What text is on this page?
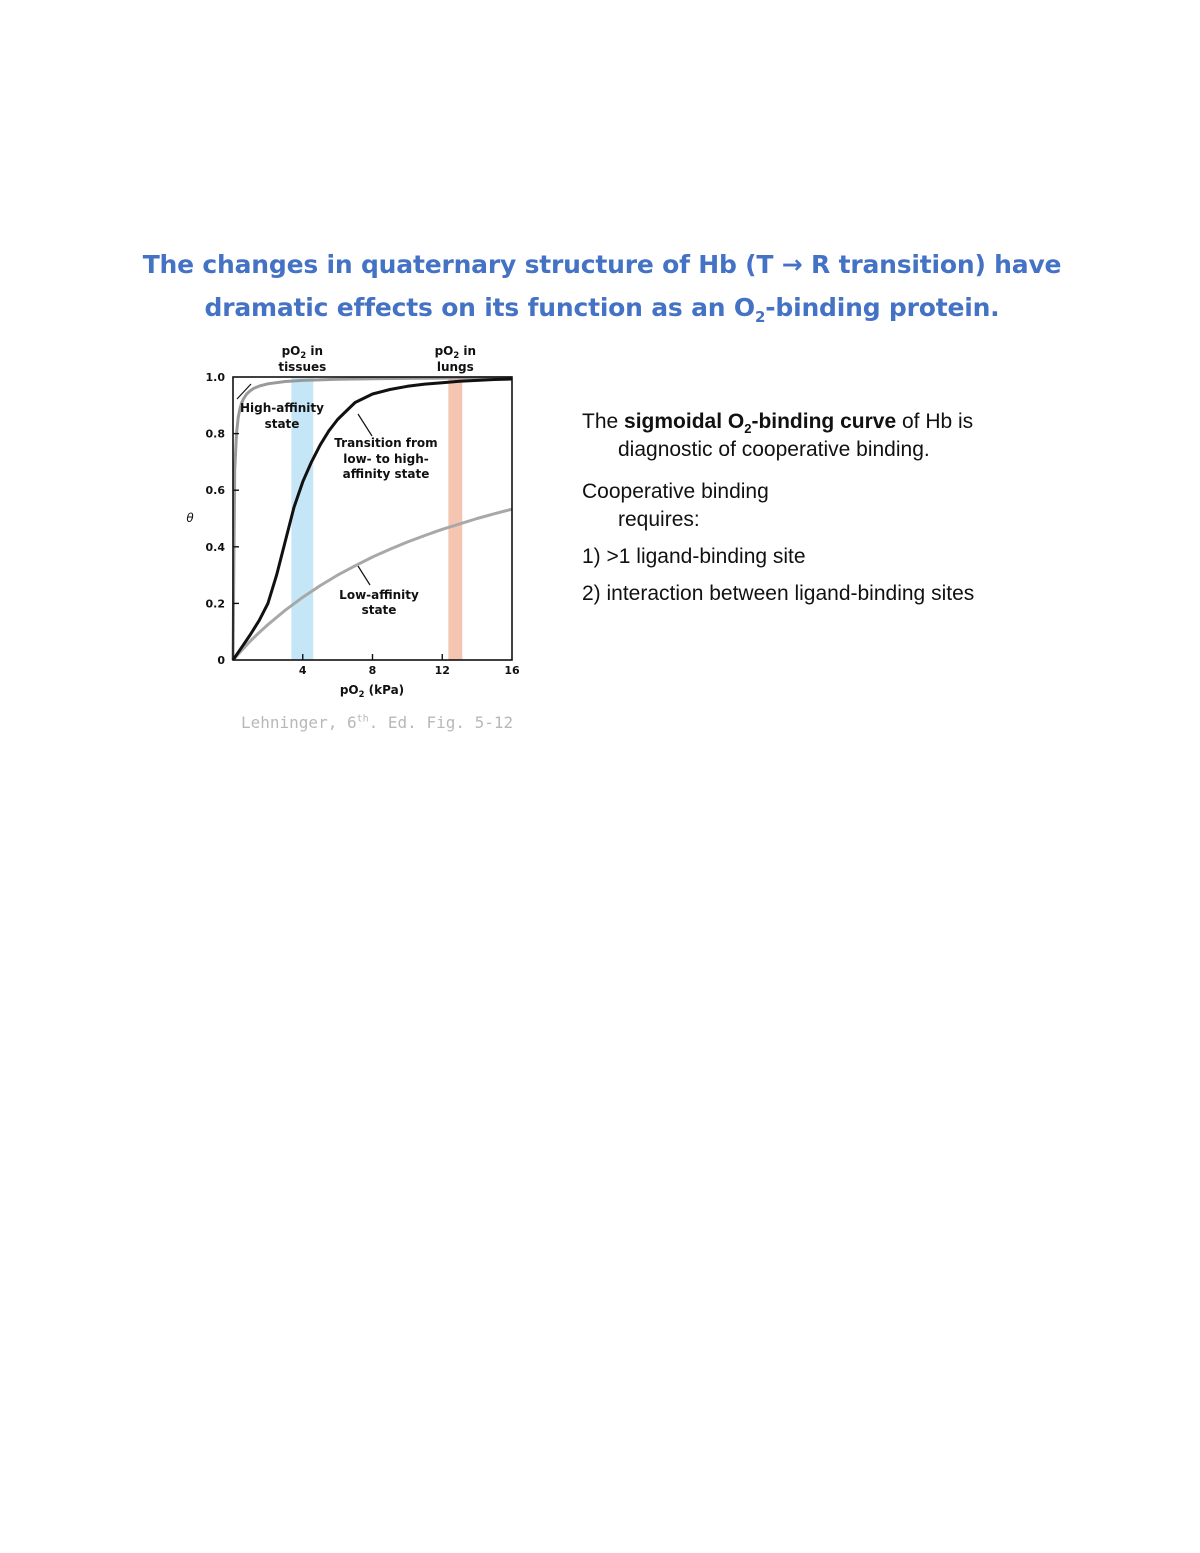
The changes in quaternary structure of Hb (T → R transition) have
dramatic effects on its function as an $O_2$-binding protein.
$pO_2$ in
tissues
$pO_2$ in
lungs
0
0.2
0.4
0.6
0.8
1.0
4	8	12	16
θ
$pO_2$ (kPa)
High-affinity
state
Transition from
low- to high-
affinity state
Low-affinity
state
Lehninger, 6th. Ed. Fig. 5-12

The sigmoidal $O_2$-binding curve of Hb is

diagnostic of cooperative binding.

Cooperative binding

requires:

1) >1 ligand-binding site

2) interaction between ligand-binding sites
